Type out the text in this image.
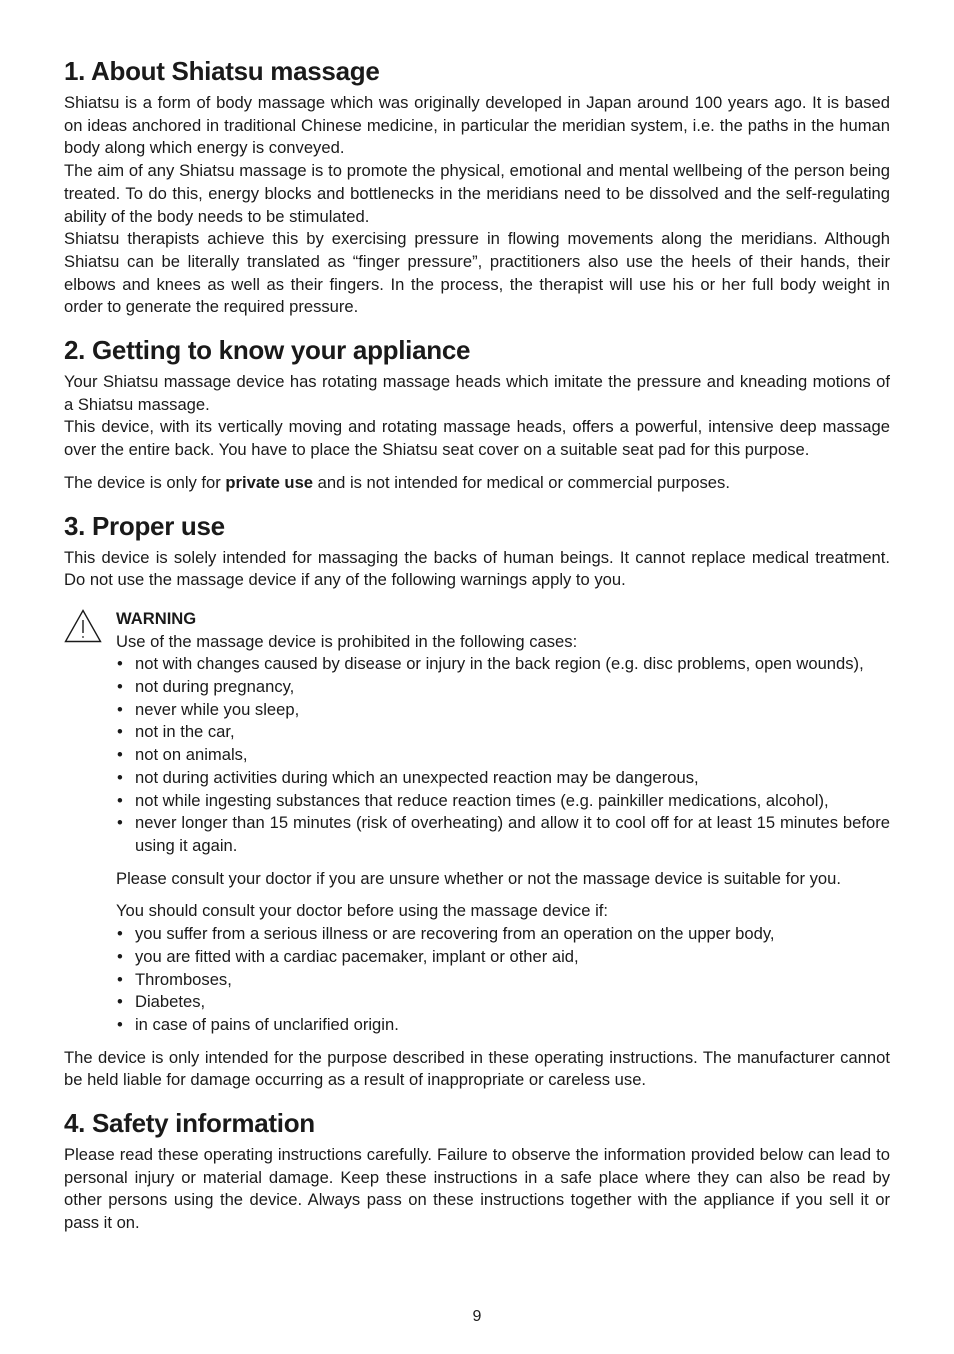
1. About Shiatsu massage

Shiatsu is a form of body massage which was originally developed in Japan around 100 years ago. It is based on ideas anchored in traditional Chinese medicine, in particular the meridian system, i.e. the paths in the human body along which energy is conveyed.

The aim of any Shiatsu massage is to promote the physical, emotional and mental wellbeing of the person being treated. To do this, energy blocks and bottlenecks in the meridians need to be dissolved and the self-regulating ability of the body needs to be stimulated.

Shiatsu therapists achieve this by exercising pressure in flowing movements along the meridians. Although Shiatsu can be literally translated as “finger pressure”, practitioners also use the heels of their hands, their elbows and knees as well as their fingers. In the process, the therapist will use his or her full body weight in order to generate the required pressure.

2. Getting to know your appliance

Your Shiatsu massage device has rotating massage heads which imitate the pressure and kneading motions of a Shiatsu massage.

This device, with its vertically moving and rotating massage heads, offers a powerful, intensive deep massage over the entire back. You have to place the Shiatsu seat cover on a suitable seat pad for this purpose.

The device is only for private use and is not intended for medical or commercial purposes.

3. Proper use

This device is solely intended for massaging the backs of human beings. It cannot replace medical treatment. Do not use the massage device if any of the following warnings apply to you.

WARNING

Use of the massage device is prohibited in the following cases:

• not with changes caused by disease or injury in the back region (e.g. disc problems, open wounds),
• not during pregnancy,
• never while you sleep,
• not in the car,
• not on animals,
• not during activities during which an unexpected reaction may be dangerous,
• not while ingesting substances that reduce reaction times (e.g. painkiller medications, alcohol),
• never longer than 15 minutes (risk of overheating) and allow it to cool off for at least 15 minutes before using it again.

Please consult your doctor if you are unsure whether or not the massage device is suitable for you.

You should consult your doctor before using the massage device if:

• you suffer from a serious illness or are recovering from an operation on the upper body,
• you are fitted with a cardiac pacemaker, implant or other aid,
• Thromboses,
• Diabetes,
• in case of pains of unclarified origin.

The device is only intended for the purpose described in these operating instructions. The manufacturer cannot be held liable for damage occurring as a result of inappropriate or careless use.

4. Safety information

Please read these operating instructions carefully. Failure to observe the information provided below can lead to personal injury or material damage. Keep these instructions in a safe place where they can also be read by other persons using the device. Always pass on these instructions together with the appliance if you sell it or pass it on.

9
